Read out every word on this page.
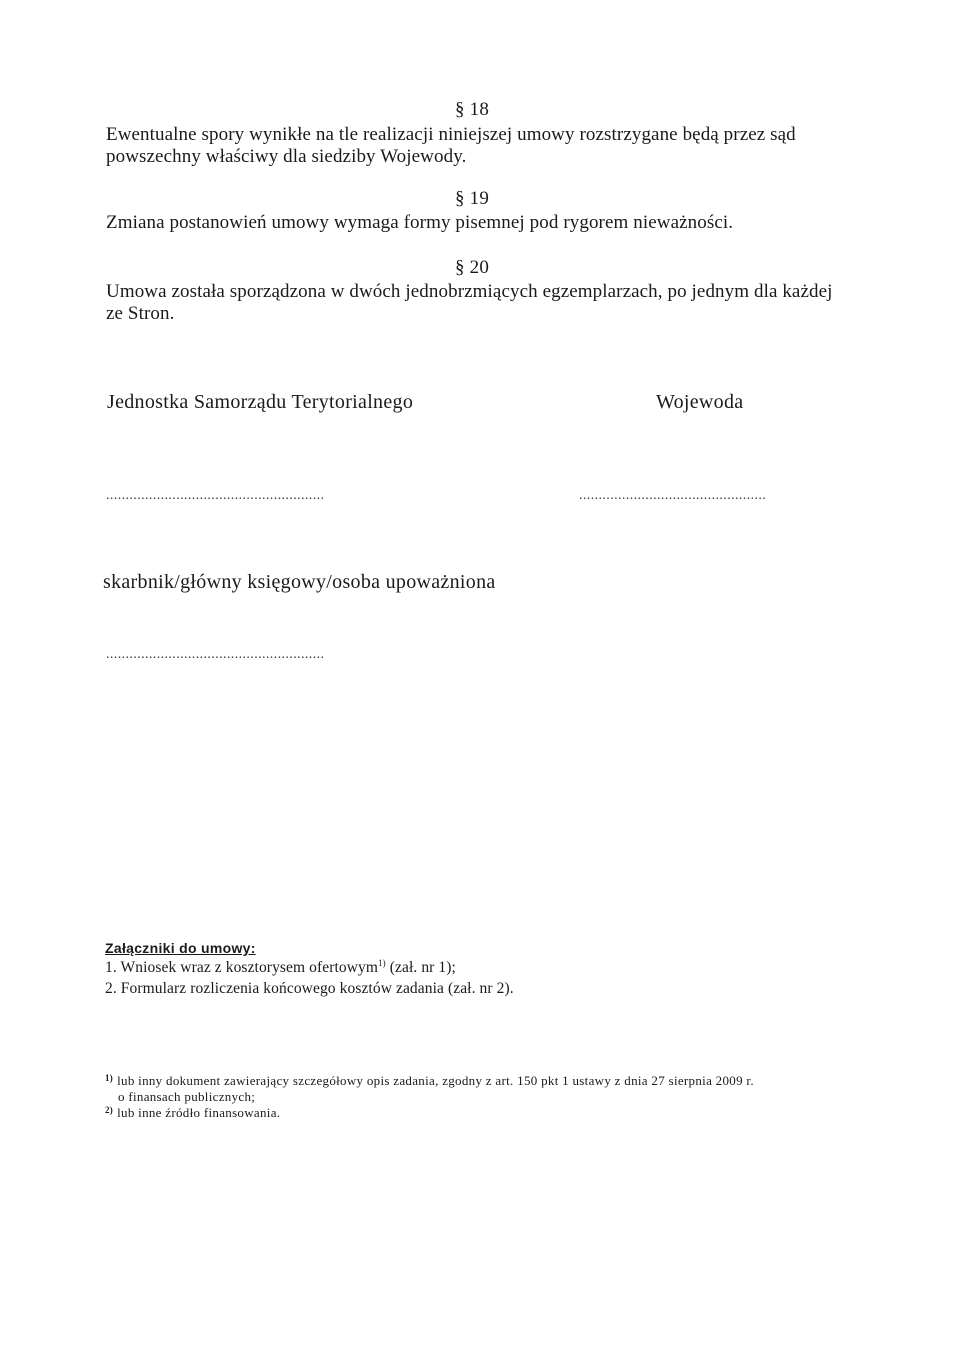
§ 18
Ewentualne spory wynikłe na tle realizacji niniejszej umowy rozstrzygane będą przez sąd
powszechny właściwy dla siedziby Wojewody.
§ 19
Zmiana postanowień umowy wymaga formy pisemnej pod rygorem nieważności.
§ 20
Umowa została sporządzona w dwóch jednobrzmiących egzemplarzach, po jednym dla każdej
ze Stron.
Jednostka Samorządu Terytorialnego	Wojewoda
........................................................	................................................
skarbnik/główny księgowy/osoba upoważniona
........................................................
Załączniki do umowy:
1. Wniosek wraz z kosztorysem ofertowym$^{1)}$ (zał. nr 1);
2. Formularz rozliczenia końcowego kosztów zadania (zał. nr 2).
$^{1)}$ lub inny dokument zawierający szczegółowy opis zadania, zgodny z art. 150 pkt 1 ustawy z dnia 27 sierpnia 2009 r.
o finansach publicznych;
$^{2)}$ lub inne źródło finansowania.
